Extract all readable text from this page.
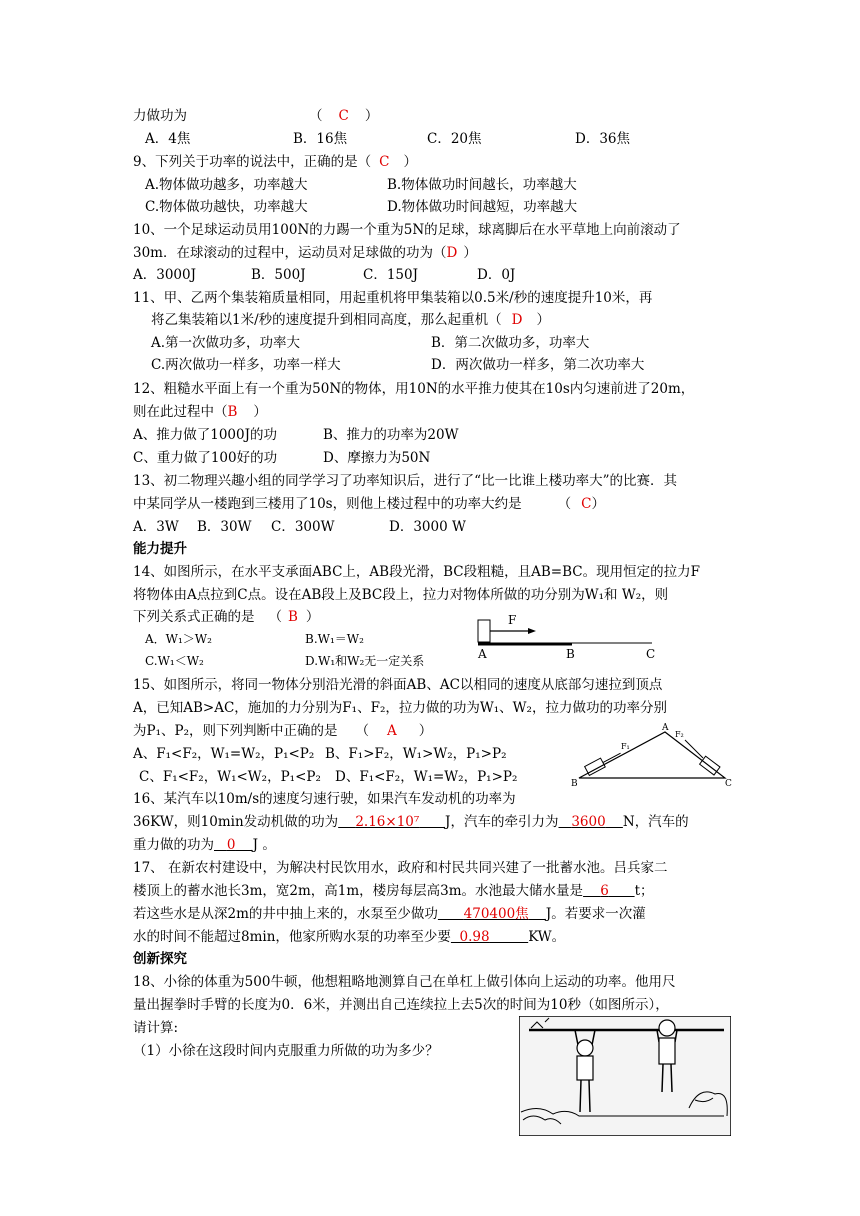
力做功为	（ C ）
A．4焦	B．16焦	C．20焦	D．36焦
9、下列关于功率的说法中，正确的是（ C ）
A.物体做功越多，功率越大	B.物体做功时间越长，功率越大
C.物体做功越快，功率越大	D.物体做功时间越短，功率越大
10、一个足球运动员用100N的力踢一个重为5N的足球，球离脚后在水平草地上向前滚动了
30m．在球滚动的过程中，运动员对足球做的功为（D ）
A．3000J	B．500J	C．150J	D．0J
11、甲、乙两个集装箱质量相同，用起重机将甲集装箱以0.5米/秒的速度提升10米，再
将乙集装箱以1米/秒的速度提升到相同高度，那么起重机（ D ）
A.第一次做功多，功率大	B．第二次做功多，功率大
C.两次做功一样多，功率一样大	D．两次做功一样多，第二次功率大
12、粗糙水平面上有一个重为50N的物体，用10N的水平推力使其在10s内匀速前进了20m，
则在此过程中（B ）
A、推力做了1000J的功	B、推力的功率为20W
C、重力做了100好的功	D、摩擦力为50N
13、初二物理兴趣小组的同学学习了功率知识后，进行了“比一比谁上楼功率大”的比赛．其
中某同学从一楼跑到三楼用了10s，则他上楼过程中的功率大约是	（ C）
A．3W B．30W C．300W	D．3000 W
能力提升
14、如图所示，在水平支承面ABC上，AB段光滑，BC段粗糙，且AB=BC。现用恒定的拉力F
将物体由A点拉到C点。设在AB段上及BC段上，拉力对物体所做的功分别为W₁和 W₂，则
下列关系式正确的是 （ B ）
A．W₁＞W₂	B.W₁＝W₂
C.W₁＜W₂	D.W₁和W₂无一定关系
F
A	B	C
15、如图所示，将同一物体分别沿光滑的斜面AB、AC以相同的速度从底部匀速拉到顶点
A，已知AB>AC，施加的力分别为F₁、F₂，拉力做的功为W₁、W₂，拉力做功的功率分别
为P₁、P₂，则下列判断中正确的是 （ A ）
A、F₁<F₂，W₁=W₂，P₁<P₂ B、F₁>F₂，W₁>W₂，P₁>P₂
C、F₁<F₂，W₁<W₂，P₁<P₂ D、F₁<F₂，W₁=W₂，P₁>P₂
F₁
F₂
A
B	C
16、某汽车以10m/s的速度匀速行驶，如果汽车发动机的功率为
36KW，则10min发动机做的功为 2.16×10⁷ J，汽车的牵引力为 3600 N，汽车的
重力做的功为 0 J 。
17、 在新农村建设中，为解决村民饮用水，政府和村民共同兴建了一批蓄水池。吕兵家二
楼顶上的蓄水池长3m，宽2m，高1m，楼房每层高3m。水池最大储水量是 6 t；
若这些水是从深2m的井中抽上来的，水泵至少做功 470400焦 J。若要求一次灌
水的时间不能超过8min，他家所购水泵的功率至少要 0.98	KW。
创新探究
18、小徐的体重为500牛顿，他想粗略地测算自己在单杠上做引体向上运动的功率。他用尺
量出握拳时手臂的长度为0．6米，并测出自己连续拉上去5次的时间为10秒（如图所示），
请计算:
（1）小徐在这段时间内克服重力所做的功为多少？
